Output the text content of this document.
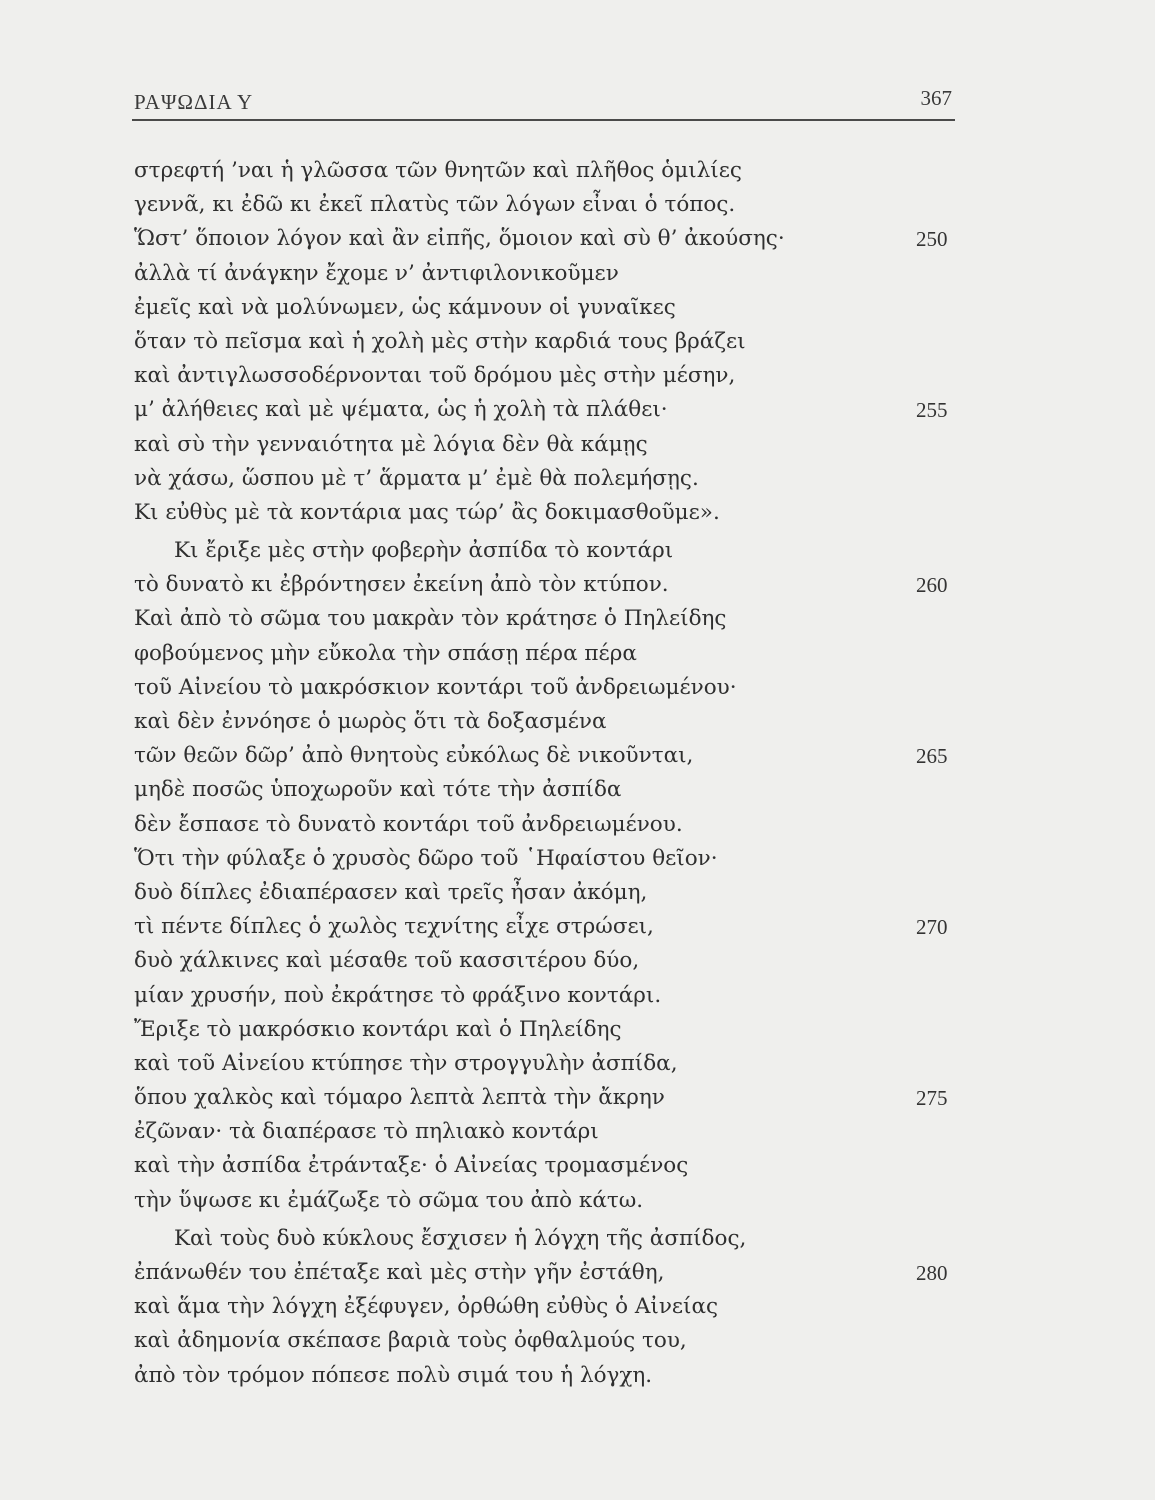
ΡΑΨΩΔΙΑ Υ	367
στρεφτή ’ναι ἡ γλῶσσα τῶν θνητῶν καὶ πλῆθος ὁμιλίες
γεννᾶ, κι ἐδῶ κι ἐκεῖ πλατὺς τῶν λόγων εἶναι ὁ τόπος.
Ὥστ’ ὅποιον λόγον καὶ ἂν εἰπῆς, ὅμοιον καὶ σὺ θ’ ἀκούσης·	250
ἀλλὰ τί ἀνάγκην ἔχομε ν’ ἀντιφιλονικοῦμεν
ἐμεῖς καὶ νὰ μολύνωμεν, ὡς κάμνουν οἱ γυναῖκες
ὅταν τὸ πεῖσμα καὶ ἡ χολὴ μὲς στὴν καρδιά τους βράζει
καὶ ἀντιγλωσσοδέρνονται τοῦ δρόμου μὲς στὴν μέσην,
μ’ ἀλήθειες καὶ μὲ ψέματα, ὡς ἡ χολὴ τὰ πλάθει·	255
καὶ σὺ τὴν γενναιότητα μὲ λόγια δὲν θὰ κάμῃς
νὰ χάσω, ὥσπου μὲ τ’ ἅρματα μ’ ἐμὲ θὰ πολεμήσῃς.
Κι εὐθὺς μὲ τὰ κοντάρια μας τώρ’ ἂς δοκιμασθοῦμε».
Κι ἔριξε μὲς στὴν φοβερὴν ἀσπίδα τὸ κοντάρι
τὸ δυνατὸ κι ἐβρόντησεν ἐκείνη ἀπὸ τὸν κτύπον.	260
Καὶ ἀπὸ τὸ σῶμα του μακρὰν τὸν κράτησε ὁ Πηλείδης
φοβούμενος μὴν εὔκολα τὴν σπάσῃ πέρα πέρα
τοῦ Αἰνείου τὸ μακρόσκιον κοντάρι τοῦ ἀνδρειωμένου·
καὶ δὲν ἐννόησε ὁ μωρὸς ὅτι τὰ δοξασμένα
τῶν θεῶν δῶρ’ ἀπὸ θνητοὺς εὐκόλως δὲ νικοῦνται,	265
μηδὲ ποσῶς ὑποχωροῦν καὶ τότε τὴν ἀσπίδα
δὲν ἔσπασε τὸ δυνατὸ κοντάρι τοῦ ἀνδρειωμένου.
Ὅτι τὴν φύλαξε ὁ χρυσὸς δῶρο τοῦ ῾Ηφαίστου θεῖον·
δυὸ δίπλες ἐδιαπέρασεν καὶ τρεῖς ἦσαν ἀκόμη,
τὶ πέντε δίπλες ὁ χωλὸς τεχνίτης εἶχε στρώσει,	270
δυὸ χάλκινες καὶ μέσαθε τοῦ κασσιτέρου δύο,
μίαν χρυσήν, ποὺ ἐκράτησε τὸ φράξινο κοντάρι.
Ἔριξε τὸ μακρόσκιο κοντάρι καὶ ὁ Πηλείδης
καὶ τοῦ Αἰνείου κτύπησε τὴν στρογγυλὴν ἀσπίδα,
ὅπου χαλκὸς καὶ τόμαρο λεπτὰ λεπτὰ τὴν ἄκρην	275
ἐζῶναν· τὰ διαπέρασε τὸ πηλιακὸ κοντάρι
καὶ τὴν ἀσπίδα ἐτράνταξε· ὁ Αἰνείας τρομασμένος
τὴν ὕψωσε κι ἐμάζωξε τὸ σῶμα του ἀπὸ κάτω.
Καὶ τοὺς δυὸ κύκλους ἔσχισεν ἡ λόγχη τῆς ἀσπίδος,
ἐπάνωθέν του ἐπέταξε καὶ μὲς στὴν γῆν ἐστάθη,	280
καὶ ἅμα τὴν λόγχη ἐξέφυγεν, ὀρθώθη εὐθὺς ὁ Αἰνείας
καὶ ἀδημονία σκέπασε βαριὰ τοὺς ὀφθαλμούς του,
ἀπὸ τὸν τρόμον πόπεσε πολὺ σιμά του ἡ λόγχη.
